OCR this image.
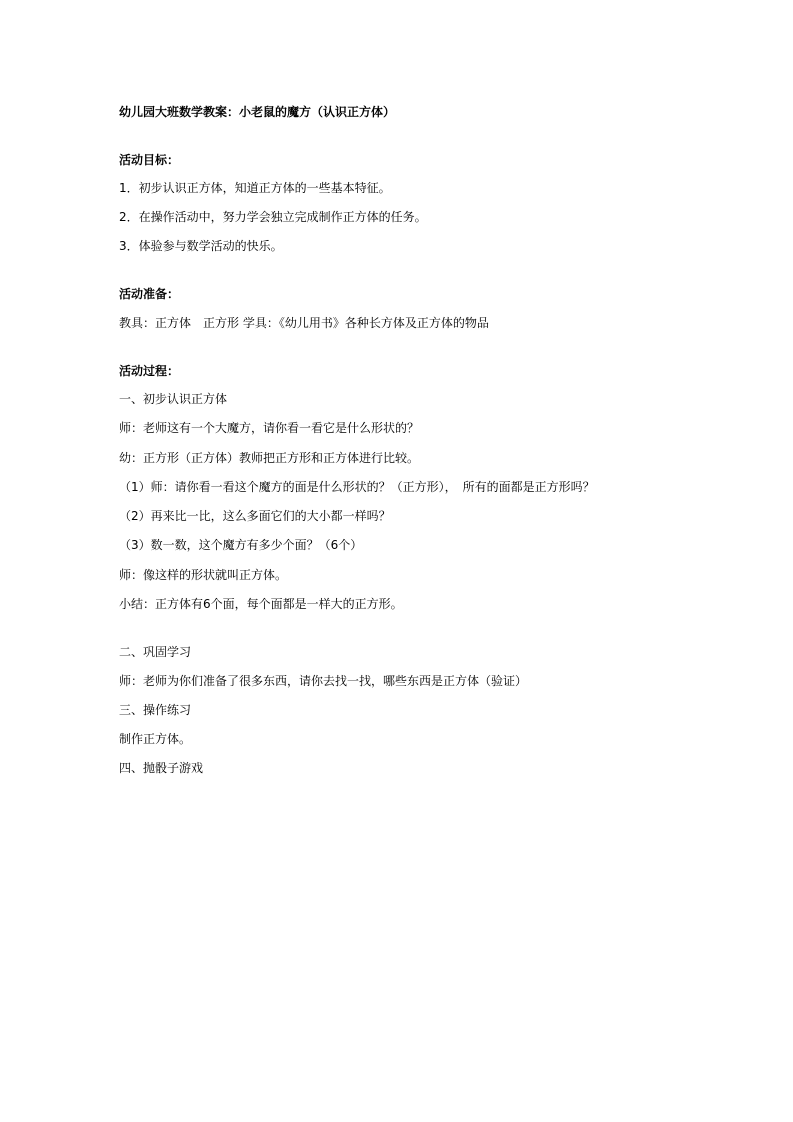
幼儿园大班数学教案：小老鼠的魔方（认识正方体）
活动目标：
1．初步认识正方体，知道正方体的一些基本特征。
2．在操作活动中，努力学会独立完成制作正方体的任务。
3．体验参与数学活动的快乐。
活动准备：
教具：正方体　正方形 学具：《幼儿用书》各种长方体及正方体的物品
活动过程：
一、初步认识正方体
师：老师这有一个大魔方，请你看一看它是什么形状的？
幼：正方形（正方体）教师把正方形和正方体进行比较。
（1）师：请你看一看这个魔方的面是什么形状的？（正方形），　所有的面都是正方形吗？
（2）再来比一比，这么多面它们的大小都一样吗？
（3）数一数，这个魔方有多少个面？（6个）
师：像这样的形状就叫正方体。
小结：正方体有6个面，每个面都是一样大的正方形。
二、巩固学习
师：老师为你们准备了很多东西，请你去找一找，哪些东西是正方体（验证）
三、操作练习
制作正方体。
四、抛骰子游戏
